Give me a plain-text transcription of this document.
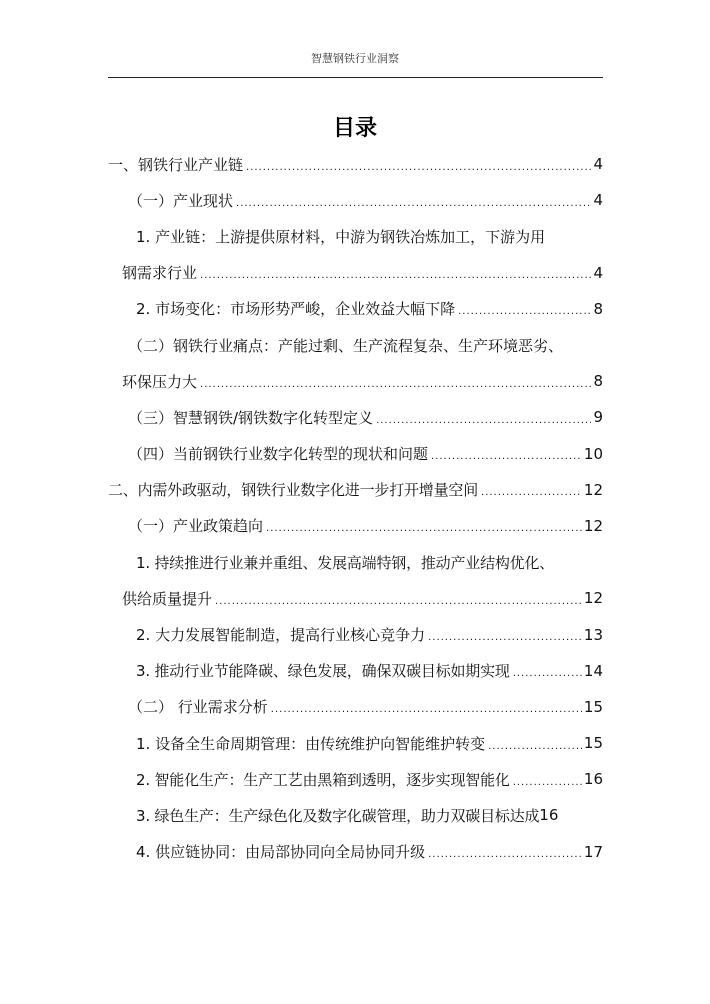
智慧钢铁行业洞察
目录
一、钢铁行业产业链 .....	4
（一）产业现状 .....	4
1. 产业链：上游提供原材料，中游为钢铁冶炼加工，下游为用
钢需求行业 .....	4
2. 市场变化：市场形势严峻，企业效益大幅下降 .....	8
（二）钢铁行业痛点：产能过剩、生产流程复杂、生产环境恶劣、
环保压力大 .....	8
（三）智慧钢铁/钢铁数字化转型定义 .....	9
（四）当前钢铁行业数字化转型的现状和问题 .....	10
二、内需外政驱动，钢铁行业数字化进一步打开增量空间 .....	12
（一）产业政策趋向 .....	12
1. 持续推进行业兼并重组、发展高端特钢，推动产业结构优化、
供给质量提升 .....	12
2. 大力发展智能制造，提高行业核心竞争力 .....	13
3. 推动行业节能降碳、绿色发展，确保双碳目标如期实现 .....	14
（二） 行业需求分析 .....	15
1. 设备全生命周期管理：由传统维护向智能维护转变 .....	15
2. 智能化生产：生产工艺由黑箱到透明，逐步实现智能化 .....	16
3. 绿色生产：生产绿色化及数字化碳管理，助力双碳目标达成 16
4. 供应链协同：由局部协同向全局协同升级 .....	17
